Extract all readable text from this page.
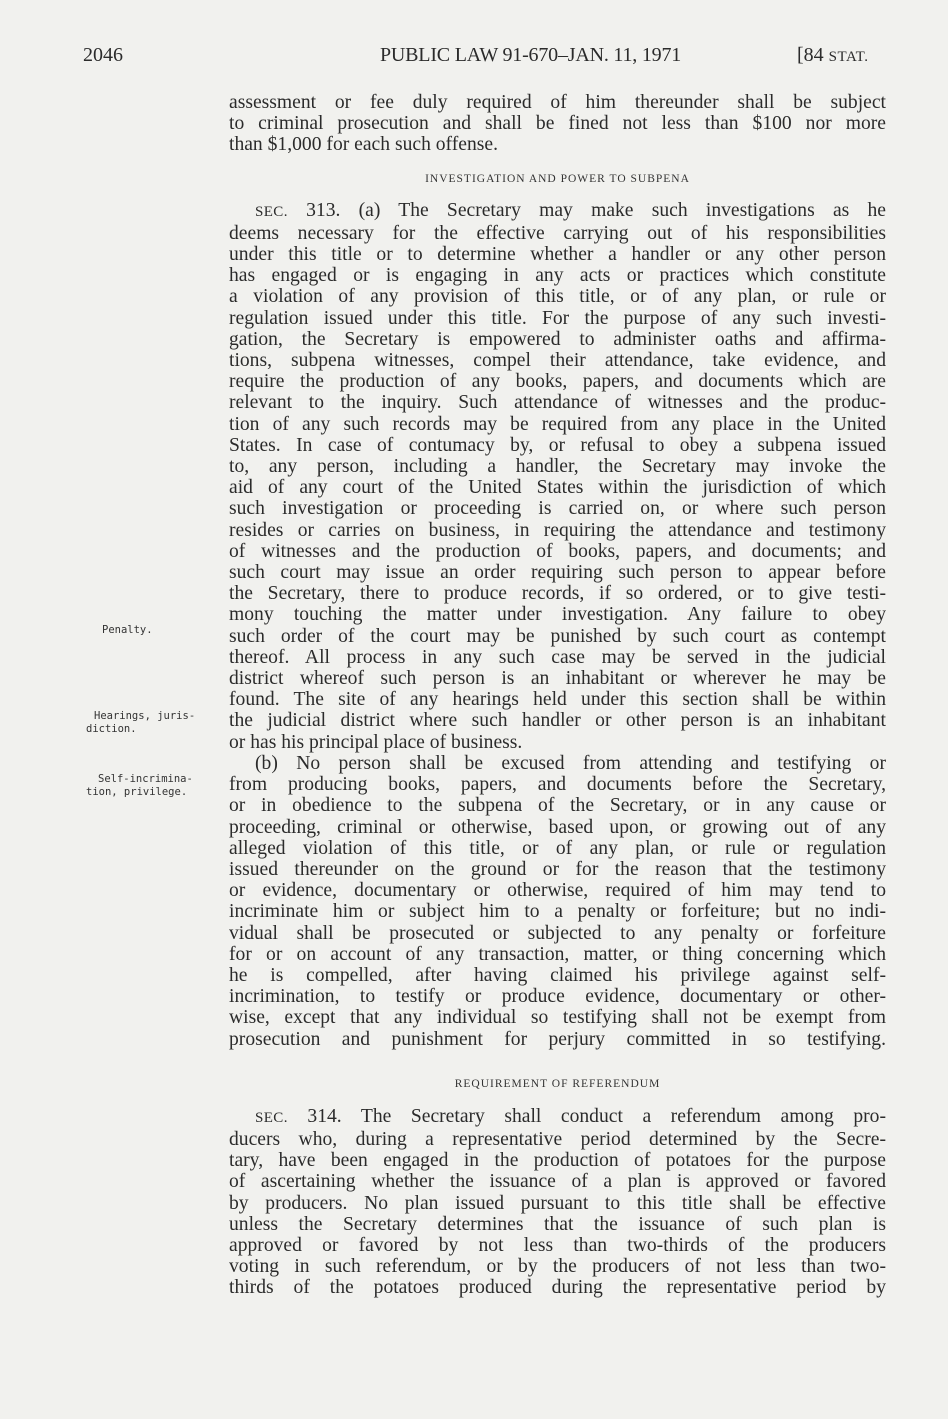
2046	PUBLIC LAW 91-670–JAN. 11, 1971	[84 STAT.
Penalty.
Hearings, juris-
diction.
Self-incrimina-
tion, privilege.

assessment or fee duly required of him thereunder shall be subject
to criminal prosecution and shall be fined not less than $100 nor more
than $1,000 for each such offense.

INVESTIGATION AND POWER TO SUBPENA

SEC. 313. (a) The Secretary may make such investigations as he
deems necessary for the effective carrying out of his responsibilities
under this title or to determine whether a handler or any other person
has engaged or is engaging in any acts or practices which constitute
a violation of any provision of this title, or of any plan, or rule or
regulation issued under this title. For the purpose of any such investi-
gation, the Secretary is empowered to administer oaths and affirma-
tions, subpena witnesses, compel their attendance, take evidence, and
require the production of any books, papers, and documents which are
relevant to the inquiry. Such attendance of witnesses and the produc-
tion of any such records may be required from any place in the United
States. In case of contumacy by, or refusal to obey a subpena issued
to, any person, including a handler, the Secretary may invoke the
aid of any court of the United States within the jurisdiction of which
such investigation or proceeding is carried on, or where such person
resides or carries on business, in requiring the attendance and testimony
of witnesses and the production of books, papers, and documents; and
such court may issue an order requiring such person to appear before
the Secretary, there to produce records, if so ordered, or to give testi-
mony touching the matter under investigation. Any failure to obey
such order of the court may be punished by such court as contempt
thereof. All process in any such case may be served in the judicial
district whereof such person is an inhabitant or wherever he may be
found. The site of any hearings held under this section shall be within
the judicial district where such handler or other person is an inhabitant
or has his principal place of business.

(b) No person shall be excused from attending and testifying or
from producing books, papers, and documents before the Secretary,
or in obedience to the subpena of the Secretary, or in any cause or
proceeding, criminal or otherwise, based upon, or growing out of any
alleged violation of this title, or of any plan, or rule or regulation
issued thereunder on the ground or for the reason that the testimony
or evidence, documentary or otherwise, required of him may tend to
incriminate him or subject him to a penalty or forfeiture; but no indi-
vidual shall be prosecuted or subjected to any penalty or forfeiture
for or on account of any transaction, matter, or thing concerning which
he is compelled, after having claimed his privilege against self-
incrimination, to testify or produce evidence, documentary or other-
wise, except that any individual so testifying shall not be exempt from
prosecution and punishment for perjury committed in so testifying.

REQUIREMENT OF REFERENDUM

SEC. 314. The Secretary shall conduct a referendum among pro-
ducers who, during a representative period determined by the Secre-
tary, have been engaged in the production of potatoes for the purpose
of ascertaining whether the issuance of a plan is approved or favored
by producers. No plan issued pursuant to this title shall be effective
unless the Secretary determines that the issuance of such plan is
approved or favored by not less than two-thirds of the producers
voting in such referendum, or by the producers of not less than two-
thirds of the potatoes produced during the representative period by
